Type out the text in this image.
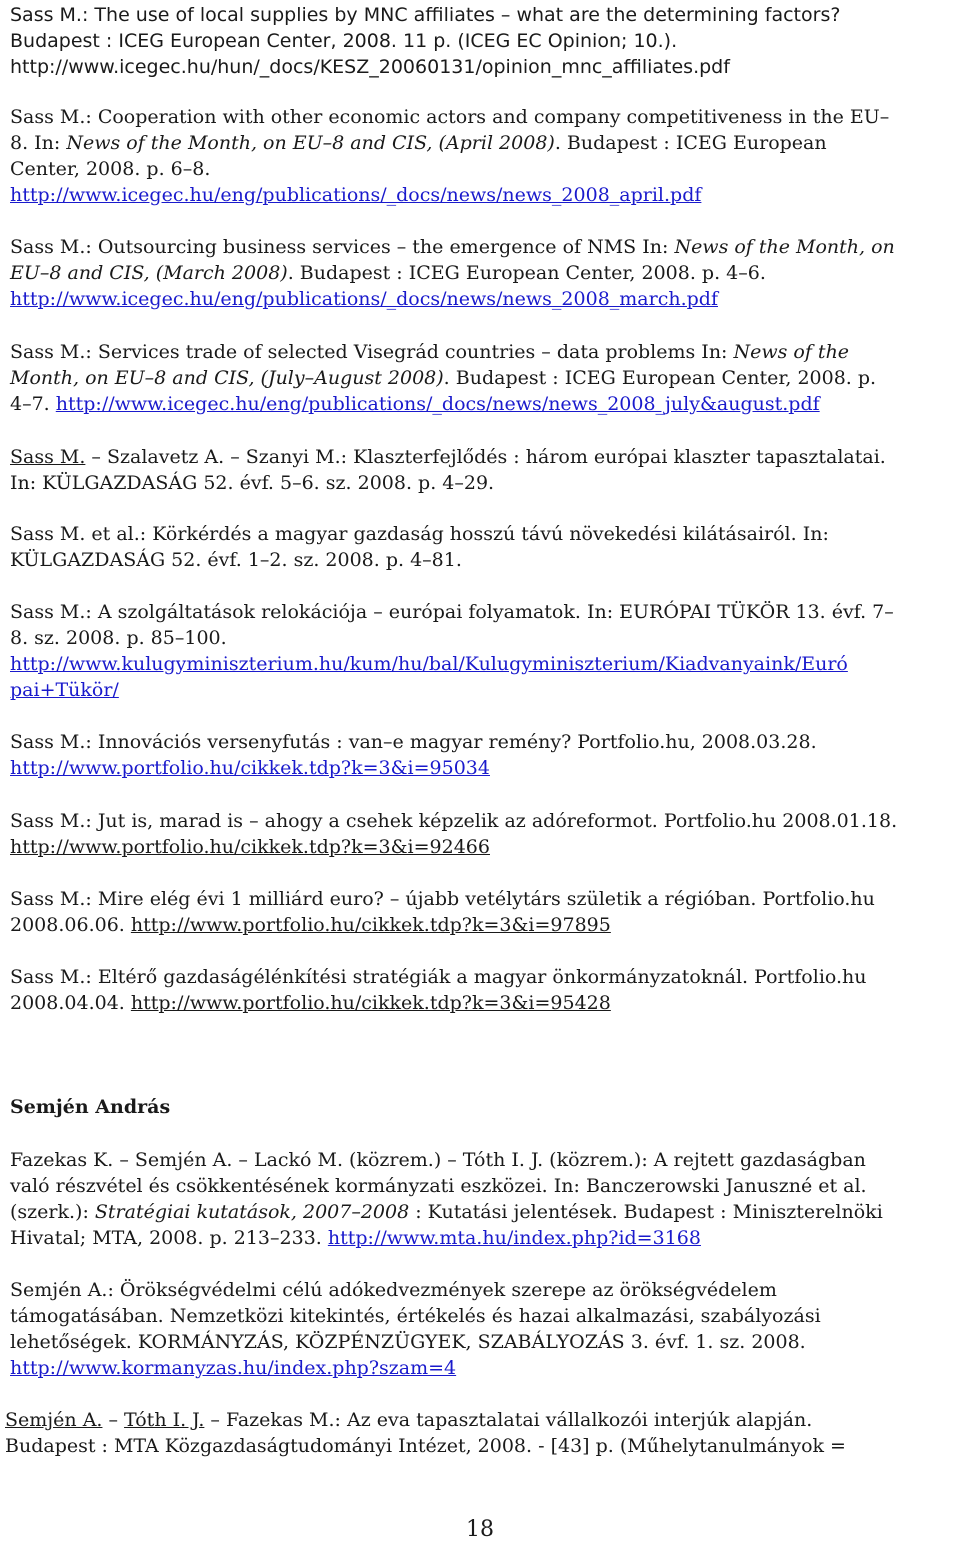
Sass M.: The use of local supplies by MNC affiliates – what are the determining factors?
Budapest : ICEG European Center, 2008. 11 p. (ICEG EC Opinion; 10.).
http://www.icegec.hu/hun/_docs/KESZ_20060131/opinion_mnc_affiliates.pdf
Sass M.: Cooperation with other economic actors and company competitiveness in the EU–
8. In: News of the Month, on EU–8 and CIS, (April 2008). Budapest : ICEG European
Center, 2008. p. 6–8.
http://www.icegec.hu/eng/publications/_docs/news/news_2008_april.pdf
Sass M.: Outsourcing business services – the emergence of NMS In: News of the Month, on
EU–8 and CIS, (March 2008). Budapest : ICEG European Center, 2008. p. 4–6.
http://www.icegec.hu/eng/publications/_docs/news/news_2008_march.pdf
Sass M.: Services trade of selected Visegrád countries – data problems In: News of the
Month, on EU–8 and CIS, (July–August 2008). Budapest : ICEG European Center, 2008. p.
4–7. http://www.icegec.hu/eng/publications/_docs/news/news_2008_july&august.pdf
Sass M. – Szalavetz A. – Szanyi M.: Klaszterfejlődés : három európai klaszter tapasztalatai.
In: KÜLGAZDASÁG 52. évf. 5–6. sz. 2008. p. 4–29.
Sass M. et al.: Körkérdés a magyar gazdaság hosszú távú növekedési kilátásairól. In:
KÜLGAZDASÁG 52. évf. 1–2. sz. 2008. p. 4–81.
Sass M.: A szolgáltatások relokációja – európai folyamatok. In: EURÓPAI TÜKÖR 13. évf. 7–
8. sz. 2008. p. 85–100.
http://www.kulugyminiszterium.hu/kum/hu/bal/Kulugyminiszterium/Kiadvanyaink/Euró
pai+Tükör/
Sass M.: Innovációs versenyfutás : van–e magyar remény? Portfolio.hu, 2008.03.28.
http://www.portfolio.hu/cikkek.tdp?k=3&i=95034
Sass M.: Jut is, marad is – ahogy a csehek képzelik az adóreformot. Portfolio.hu 2008.01.18.
http://www.portfolio.hu/cikkek.tdp?k=3&i=92466
Sass M.: Mire elég évi 1 milliárd euro? – újabb vetélytárs születik a régióban. Portfolio.hu
2008.06.06. http://www.portfolio.hu/cikkek.tdp?k=3&i=97895
Sass M.: Eltérő gazdaságélénkítési stratégiák a magyar önkormányzatoknál. Portfolio.hu
2008.04.04. http://www.portfolio.hu/cikkek.tdp?k=3&i=95428
Semjén András
Fazekas K. – Semjén A. – Lackó M. (közrem.) – Tóth I. J. (közrem.): A rejtett gazdaságban
való részvétel és csökkentésének kormányzati eszközei. In: Banczerowski Januszné et al.
(szerk.): Stratégiai kutatások, 2007–2008 : Kutatási jelentések. Budapest : Miniszterelnöki
Hivatal; MTA, 2008. p. 213–233. http://www.mta.hu/index.php?id=3168
Semjén A.: Örökségvédelmi célú adókedvezmények szerepe az örökségvédelem
támogatásában. Nemzetközi kitekintés, értékelés és hazai alkalmazási, szabályozási
lehetőségek. KORMÁNYZÁS, KÖZPÉNZÜGYEK, SZABÁLYOZÁS 3. évf. 1. sz. 2008.
http://www.kormanyzas.hu/index.php?szam=4
Semjén A. – Tóth I. J. – Fazekas M.: Az eva tapasztalatai vállalkozói interjúk alapján.
Budapest : MTA Közgazdaságtudományi Intézet, 2008. - [43] p. (Műhelytanulmányok =
18
